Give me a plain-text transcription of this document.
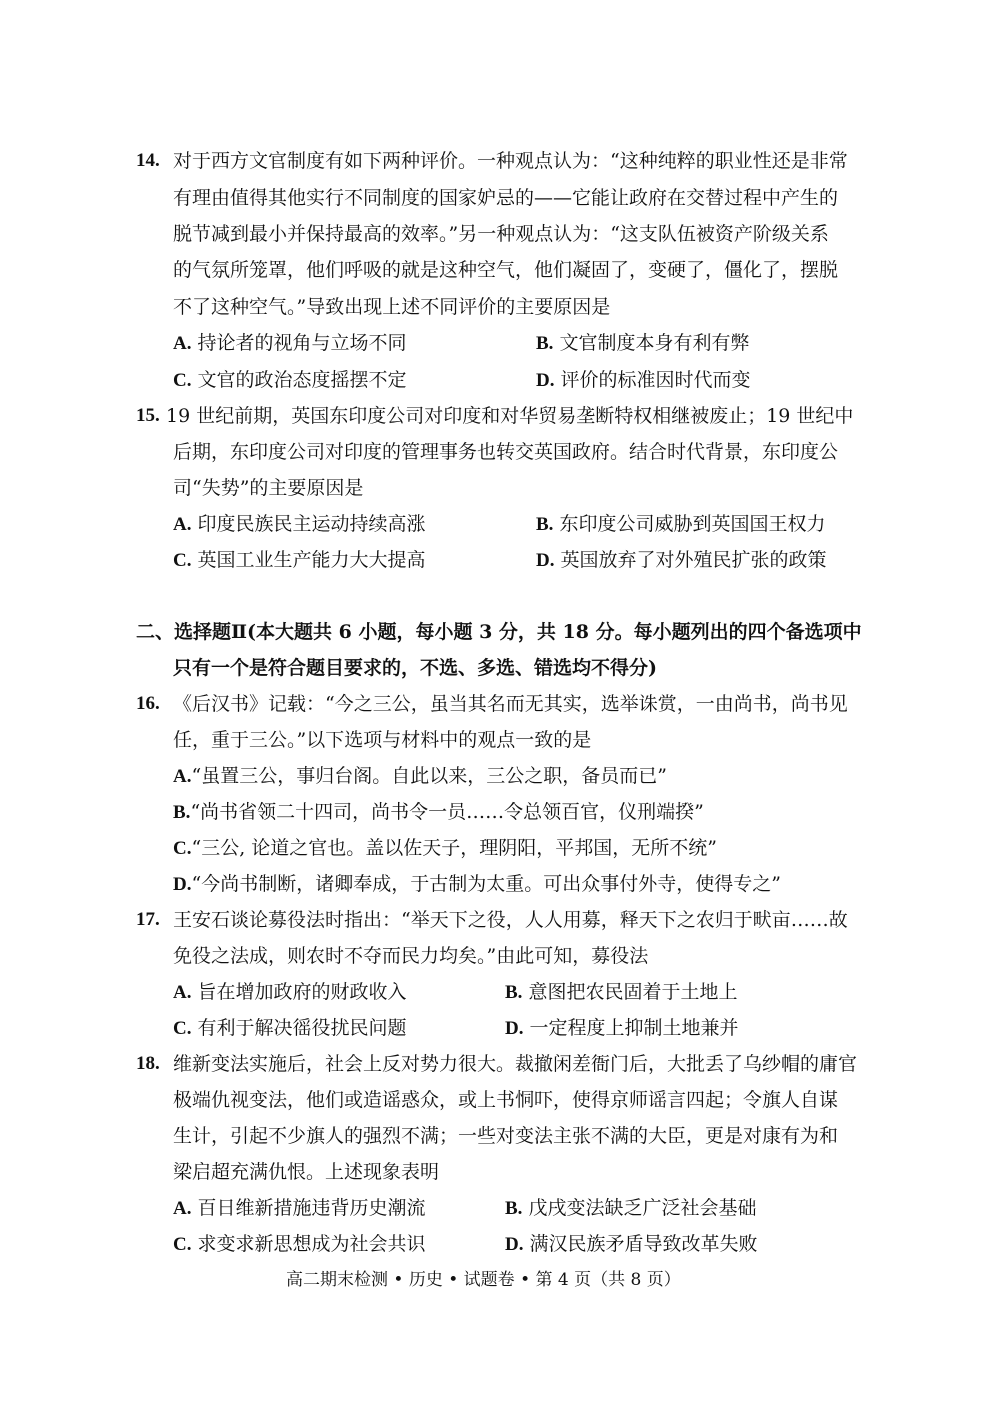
14. 对于西方文官制度有如下两种评价。一种观点认为：“这种纯粹的职业性还是非常
有理由值得其他实行不同制度的国家妒忌的——它能让政府在交替过程中产生的
脱节减到最小并保持最高的效率。”另一种观点认为：“这支队伍被资产阶级关系
的气氛所笼罩，他们呼吸的就是这种空气，他们凝固了，变硬了，僵化了，摆脱
不了这种空气。”导致出现上述不同评价的主要原因是
A. 持论者的视角与立场不同	B. 文官制度本身有利有弊
C. 文官的政治态度摇摆不定	D. 评价的标准因时代而变
15. 19 世纪前期，英国东印度公司对印度和对华贸易垄断特权相继被废止；19 世纪中
后期，东印度公司对印度的管理事务也转交英国政府。结合时代背景，东印度公
司“失势”的主要原因是
A. 印度民族民主运动持续高涨	B. 东印度公司威胁到英国国王权力
C. 英国工业生产能力大大提高	D. 英国放弃了对外殖民扩张的政策
二、选择题Ⅱ(本大题共 6 小题，每小题 3 分，共 18 分。每小题列出的四个备选项中
只有一个是符合题目要求的，不选、多选、错选均不得分)
16. 《后汉书》记载：“今之三公，虽当其名而无其实，选举诛赏，一由尚书，尚书见
任，重于三公。”以下选项与材料中的观点一致的是
A.“虽置三公，事归台阁。自此以来，三公之职，备员而已”
B.“尚书省领二十四司，尚书令一员……令总领百官，仪刑端揆”
C.“三公, 论道之官也。盖以佐天子，理阴阳，平邦国，无所不统”
D.“今尚书制断，诸卿奉成，于古制为太重。可出众事付外寺，使得专之”
17. 王安石谈论募役法时指出：“举天下之役，人人用募，释天下之农归于畎亩……故
免役之法成，则农时不夺而民力均矣。”由此可知，募役法
A. 旨在增加政府的财政收入	B. 意图把农民固着于土地上
C. 有利于解决徭役扰民问题	D. 一定程度上抑制土地兼并
18. 维新变法实施后，社会上反对势力很大。裁撤闲差衙门后，大批丢了乌纱帽的庸官
极端仇视变法，他们或造谣惑众，或上书恫吓，使得京师谣言四起；令旗人自谋
生计，引起不少旗人的强烈不满；一些对变法主张不满的大臣，更是对康有为和
梁启超充满仇恨。上述现象表明
A. 百日维新措施违背历史潮流	B. 戊戌变法缺乏广泛社会基础
C. 求变求新思想成为社会共识	D. 满汉民族矛盾导致改革失败
高二期末检测 • 历史 • 试题卷 • 第 4 页（共 8 页）
